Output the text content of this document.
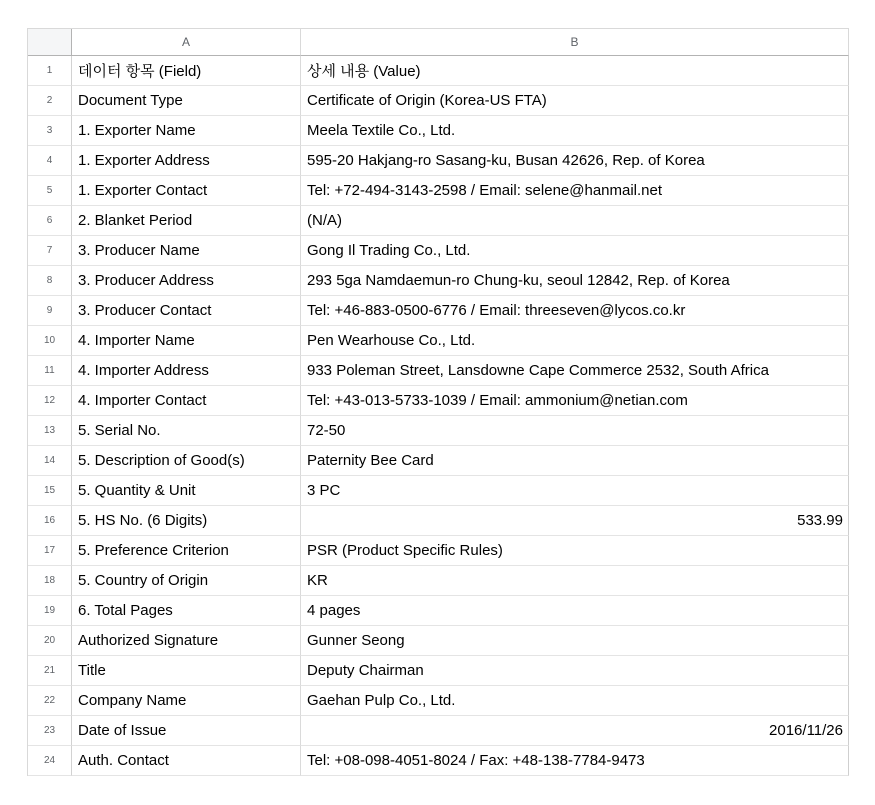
A	B
1	데이터 항목 (Field)	상세 내용 (Value)
2	Document Type	Certificate of Origin (Korea-US FTA)
3	1. Exporter Name	Meela Textile Co., Ltd.
4	1. Exporter Address	595-20 Hakjang-ro Sasang-ku, Busan 42626, Rep. of Korea
5	1. Exporter Contact	Tel: +72-494-3143-2598 / Email: selene@hanmail.net
6	2. Blanket Period	(N/A)
7	3. Producer Name	Gong Il Trading Co., Ltd.
8	3. Producer Address	293 5ga Namdaemun-ro Chung-ku, seoul 12842, Rep. of Korea
9	3. Producer Contact	Tel: +46-883-0500-6776 / Email: threeseven@lycos.co.kr
10	4. Importer Name	Pen Wearhouse Co., Ltd.
11	4. Importer Address	933 Poleman Street, Lansdowne Cape Commerce 2532, South Africa
12	4. Importer Contact	Tel: +43-013-5733-1039 / Email: ammonium@netian.com
13	5. Serial No.	72-50
14	5. Description of Good(s)	Paternity Bee Card
15	5. Quantity & Unit	3 PC
16	5. HS No. (6 Digits)	533.99
17	5. Preference Criterion	PSR (Product Specific Rules)
18	5. Country of Origin	KR
19	6. Total Pages	4 pages
20	Authorized Signature	Gunner Seong
21	Title	Deputy Chairman
22	Company Name	Gaehan Pulp Co., Ltd.
23	Date of Issue	2016/11/26
24	Auth. Contact	Tel: +08-098-4051-8024 / Fax: +48-138-7784-9473
